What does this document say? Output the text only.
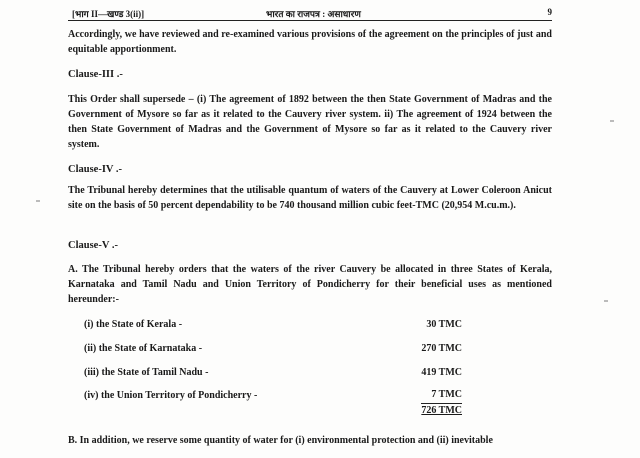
[भाग II—खण्ड 3(ii)]	भारत का राजपत्र : असाधारण	9
Accordingly, we have reviewed and re-examined various provisions of the agreement on the principles of just and equitable apportionment.
Clause-III .-
This Order shall supersede – (i) The agreement of 1892 between the then State Government of Madras and the Government of Mysore so far as it related to the Cauvery river system. ii) The agreement of 1924 between the then State Government of Madras and the Government of Mysore so far as it related to the Cauvery river system.
Clause-IV .-
The Tribunal hereby determines that the utilisable quantum of waters of the Cauvery at Lower Coleroon Anicut site on the basis of 50 percent dependability to be 740 thousand million cubic feet-TMC (20,954 M.cu.m.).
Clause-V .-
A. The Tribunal hereby orders that the waters of the river Cauvery be allocated in three States of Kerala, Karnataka and Tamil Nadu and Union Territory of Pondicherry for their beneficial uses as mentioned hereunder:-
(i) the State of Kerala -	30 TMC
(ii) the State of Karnataka -	270 TMC
(iii) the State of Tamil Nadu -	419 TMC
(iv) the Union Territory of Pondicherry -	7 TMC
726 TMC
B. In addition, we reserve some quantity of water for (i) environmental protection and (ii) inevitable
